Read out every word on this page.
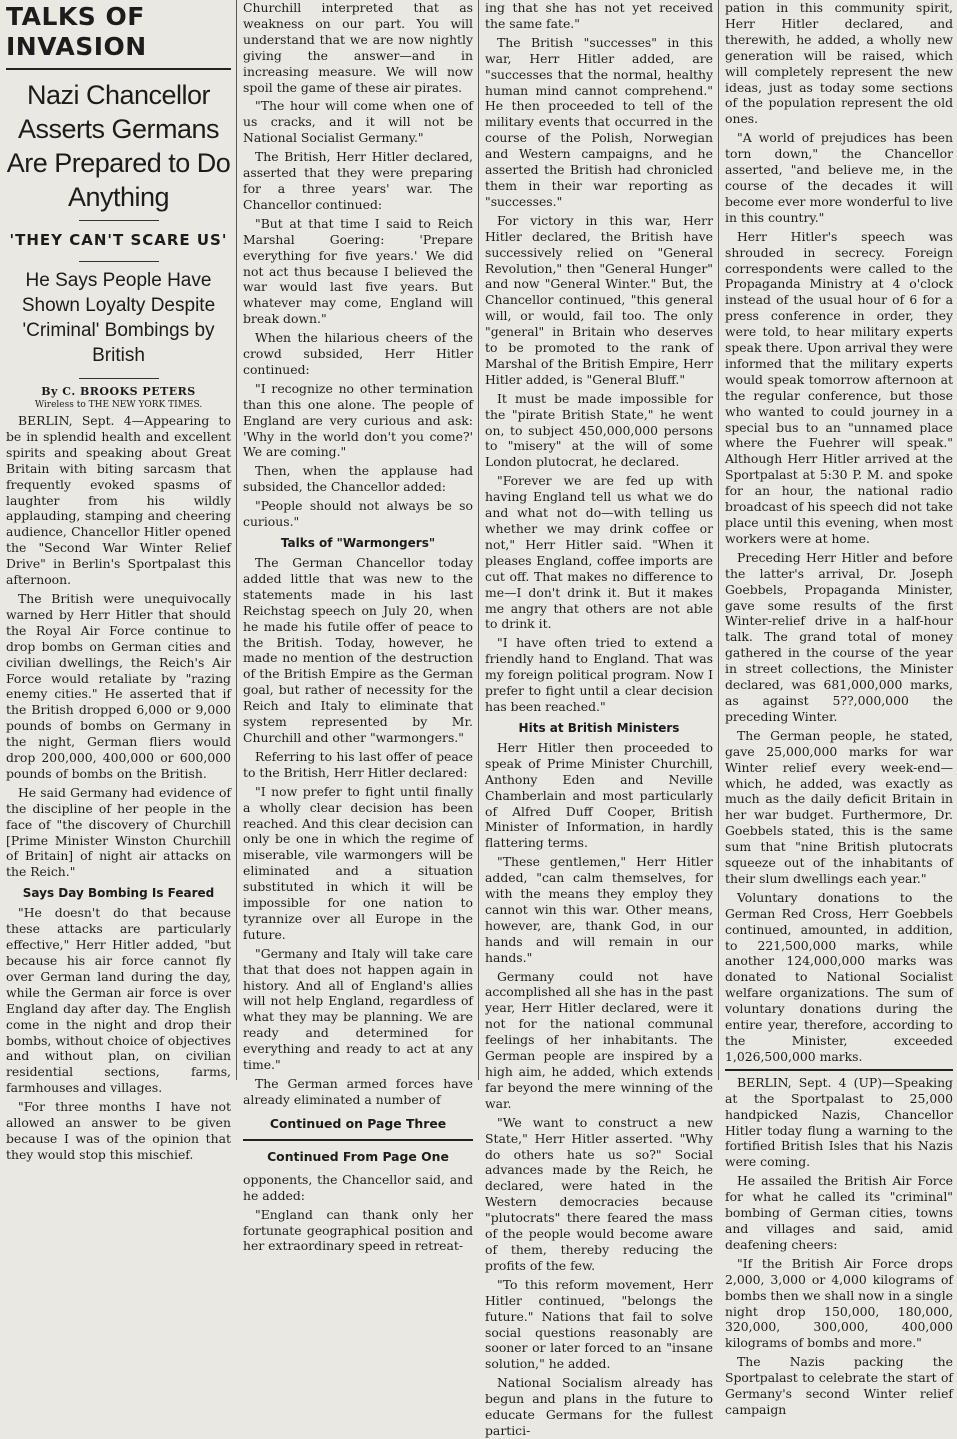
TALKS OF INVASION
Nazi Chancellor Asserts Germans Are Prepared to Do Anything
'THEY CAN'T SCARE US'
He Says People Have Shown Loyalty Despite 'Criminal' Bombings by British
By C. BROOKS PETERS
Wireless to THE NEW YORK TIMES.

BERLIN, Sept. 4—Appearing to be in splendid health and excellent spirits and speaking about Great Britain with biting sarcasm that frequently evoked spasms of laughter from his wildly applauding, stamping and cheering audience, Chancellor Hitler opened the "Second War Winter Relief Drive" in Berlin's Sportpalast this afternoon.

The British were unequivocally warned by Herr Hitler that should the Royal Air Force continue to drop bombs on German cities and civilian dwellings, the Reich's Air Force would retaliate by "razing enemy cities." He asserted that if the British dropped 6,000 or 9,000 pounds of bombs on Germany in the night, German fliers would drop 200,000, 400,000 or 600,000 pounds of bombs on the British.

He said Germany had evidence of the discipline of her people in the face of "the discovery of Churchill [Prime Minister Winston Churchill of Britain] of night air attacks on the Reich."

Says Day Bombing Is Feared

"He doesn't do that because these attacks are particularly effective," Herr Hitler added, "but because his air force cannot fly over German land during the day, while the German air force is over England day after day. The English come in the night and drop their bombs, without choice of objectives and without plan, on civilian residential sections, farms, farmhouses and villages.

"For three months I have not allowed an answer to be given because I was of the opinion that they would stop this mischief.

Churchill interpreted that as weakness on our part. You will understand that we are now nightly giving the answer—and in increasing measure. We will now spoil the game of these air pirates.

"The hour will come when one of us cracks, and it will not be National Socialist Germany."

The British, Herr Hitler declared, asserted that they were preparing for a three years' war. The Chancellor continued:

"But at that time I said to Reich Marshal Goering: 'Prepare everything for five years.' We did not act thus because I believed the war would last five years. But whatever may come, England will break down."

When the hilarious cheers of the crowd subsided, Herr Hitler continued:

"I recognize no other termination than this one alone. The people of England are very curious and ask: 'Why in the world don't you come?' We are coming."

Then, when the applause had subsided, the Chancellor added:

"People should not always be so curious."

Talks of "Warmongers"

The German Chancellor today added little that was new to the statements made in his last Reichstag speech on July 20, when he made his futile offer of peace to the British. Today, however, he made no mention of the destruction of the British Empire as the German goal, but rather of necessity for the Reich and Italy to eliminate that system represented by Mr. Churchill and other "warmongers."

Referring to his last offer of peace to the British, Herr Hitler declared:

"I now prefer to fight until finally a wholly clear decision has been reached. And this clear decision can only be one in which the regime of miserable, vile warmongers will be eliminated and a situation substituted in which it will be impossible for one nation to tyrannize over all Europe in the future.

"Germany and Italy will take care that that does not happen again in history. And all of England's allies will not help England, regardless of what they may be planning. We are ready and determined for everything and ready to act at any time."

The German armed forces have already eliminated a number of

Continued on Page Three
Continued From Page One

opponents, the Chancellor said, and he added:

"England can thank only her fortunate geographical position and her extraordinary speed in retreat-

ing that she has not yet received the same fate."

The British "successes" in this war, Herr Hitler added, are "successes that the normal, healthy human mind cannot comprehend." He then proceeded to tell of the military events that occurred in the course of the Polish, Norwegian and Western campaigns, and he asserted the British had chronicled them in their war reporting as "successes."

For victory in this war, Herr Hitler declared, the British have successively relied on "General Revolution," then "General Hunger" and now "General Winter." But, the Chancellor continued, "this general will, or would, fail too. The only "general" in Britain who deserves to be promoted to the rank of Marshal of the British Empire, Herr Hitler added, is "General Bluff."

It must be made impossible for the "pirate British State," he went on, to subject 450,000,000 persons to "misery" at the will of some London plutocrat, he declared.

"Forever we are fed up with having England tell us what we do and what not do—with telling us whether we may drink coffee or not," Herr Hitler said. "When it pleases England, coffee imports are cut off. That makes no difference to me—I don't drink it. But it makes me angry that others are not able to drink it.

"I have often tried to extend a friendly hand to England. That was my foreign political program. Now I prefer to fight until a clear decision has been reached."

Hits at British Ministers

Herr Hitler then proceeded to speak of Prime Minister Churchill, Anthony Eden and Neville Chamberlain and most particularly of Alfred Duff Cooper, British Minister of Information, in hardly flattering terms.

"These gentlemen," Herr Hitler added, "can calm themselves, for with the means they employ they cannot win this war. Other means, however, are, thank God, in our hands and will remain in our hands."

Germany could not have accomplished all she has in the past year, Herr Hitler declared, were it not for the national communal feelings of her inhabitants. The German people are inspired by a high aim, he added, which extends far beyond the mere winning of the war.

"We want to construct a new State," Herr Hitler asserted. "Why do others hate us so?" Social advances made by the Reich, he declared, were hated in the Western democracies because "plutocrats" there feared the mass of the people would become aware of them, thereby reducing the profits of the few.

"To this reform movement, Herr Hitler continued, "belongs the future." Nations that fail to solve social questions reasonably are sooner or later forced to an "insane solution," he added.

National Socialism already has begun and plans in the future to educate Germans for the fullest partici-

pation in this community spirit, Herr Hitler declared, and therewith, he added, a wholly new generation will be raised, which will completely represent the new ideas, just as today some sections of the population represent the old ones.

"A world of prejudices has been torn down," the Chancellor asserted, "and believe me, in the course of the decades it will become ever more wonderful to live in this country."

Herr Hitler's speech was shrouded in secrecy. Foreign correspondents were called to the Propaganda Ministry at 4 o'clock instead of the usual hour of 6 for a press conference in order, they were told, to hear military experts speak there. Upon arrival they were informed that the military experts would speak tomorrow afternoon at the regular conference, but those who wanted to could journey in a special bus to an "unnamed place where the Fuehrer will speak." Although Herr Hitler arrived at the Sportpalast at 5:30 P. M. and spoke for an hour, the national radio broadcast of his speech did not take place until this evening, when most workers were at home.

Preceding Herr Hitler and before the latter's arrival, Dr. Joseph Goebbels, Propaganda Minister, gave some results of the first Winter-relief drive in a half-hour talk. The grand total of money gathered in the course of the year in street collections, the Minister declared, was 681,000,000 marks, as against 5??,000,000 the preceding Winter.

The German people, he stated, gave 25,000,000 marks for war Winter relief every week-end—which, he added, was exactly as much as the daily deficit Britain in her war budget. Furthermore, Dr. Goebbels stated, this is the same sum that "nine British plutocrats squeeze out of the inhabitants of their slum dwellings each year."

Voluntary donations to the German Red Cross, Herr Goebbels continued, amounted, in addition, to 221,500,000 marks, while another 124,000,000 marks was donated to National Socialist welfare organizations. The sum of voluntary donations during the entire year, therefore, according to the Minister, exceeded 1,026,500,000 marks.

BERLIN, Sept. 4 (UP)—Speaking at the Sportpalast to 25,000 handpicked Nazis, Chancellor Hitler today flung a warning to the fortified British Isles that his Nazis were coming.

He assailed the British Air Force for what he called its "criminal" bombing of German cities, towns and villages and said, amid deafening cheers:

"If the British Air Force drops 2,000, 3,000 or 4,000 kilograms of bombs then we shall now in a single night drop 150,000, 180,000, 320,000, 300,000, 400,000 kilograms of bombs and more."

The Nazis packing the Sportpalast to celebrate the start of Germany's second Winter relief campaign
